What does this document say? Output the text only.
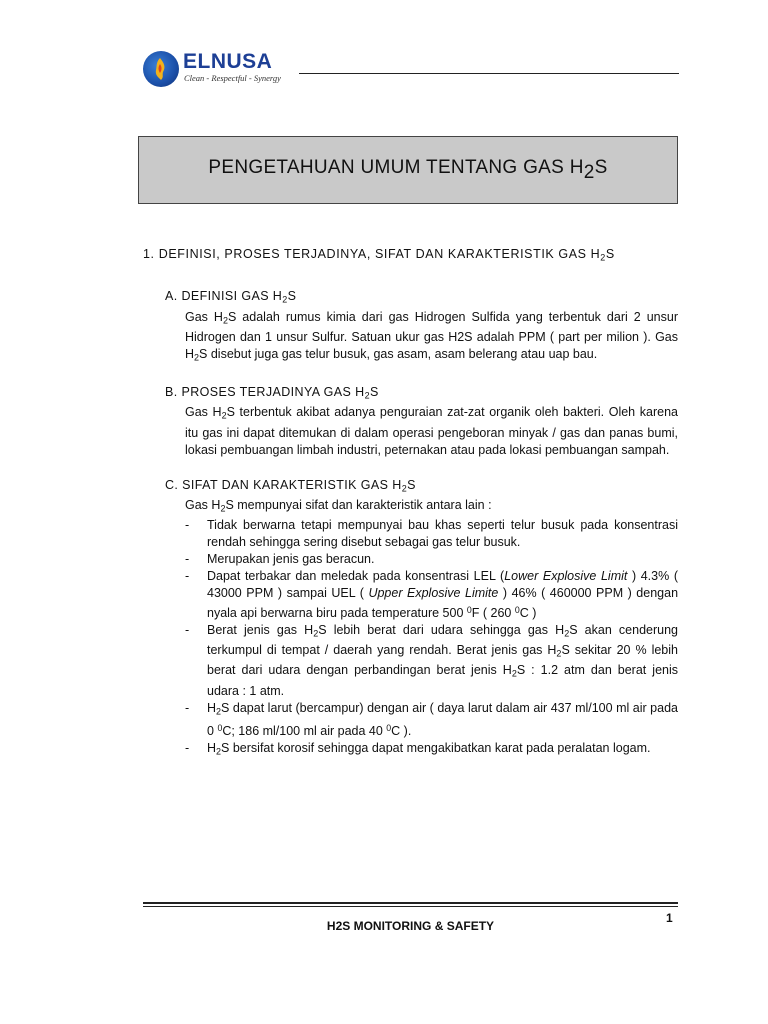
ELNUSA
Clean - Respectful - Synergy
PENGETAHUAN UMUM TENTANG GAS H2S
1. DEFINISI, PROSES TERJADINYA, SIFAT DAN KARAKTERISTIK GAS $H_2S$
A. DEFINISI GAS $H_2S$
Gas $H_2S$ adalah rumus kimia dari gas Hidrogen Sulfida yang terbentuk dari 2 unsur Hidrogen dan 1 unsur Sulfur. Satuan ukur gas H2S adalah PPM ( part per milion ). Gas $H_2S$ disebut juga gas telur busuk, gas asam, asam belerang atau uap bau.
B. PROSES TERJADINYA GAS $H_2S$
Gas $H_2S$ terbentuk akibat adanya penguraian zat-zat organik oleh bakteri. Oleh karena itu gas ini dapat ditemukan di dalam operasi pengeboran minyak / gas dan panas bumi, lokasi pembuangan limbah industri, peternakan atau pada lokasi pembuangan sampah.
C. SIFAT DAN KARAKTERISTIK GAS $H_2S$
Gas $H_2S$ mempunyai sifat dan karakteristik antara lain :
-	Tidak berwarna tetapi mempunyai bau khas seperti telur busuk pada konsentrasi rendah sehingga sering disebut sebagai gas telur busuk.
-	Merupakan jenis gas beracun.
-	Dapat terbakar dan meledak pada konsentrasi LEL (Lower Explosive Limit ) 4.3% ( 43000 PPM ) sampai UEL ( Upper Explosive Limite ) 46% ( 460000 PPM ) dengan nyala api berwarna biru pada temperature 500 $^0$F ( 260 $^0$C )
-	Berat jenis gas $H_2S$ lebih berat dari udara sehingga gas $H_2S$ akan cenderung terkumpul di tempat / daerah yang rendah. Berat jenis gas $H_2S$ sekitar 20 % lebih berat dari udara dengan perbandingan berat jenis $H_2S$ : 1.2 atm dan berat jenis udara : 1 atm.
-	$H_2S$ dapat larut (bercampur) dengan air ( daya larut dalam air 437 ml/100 ml air pada 0 $^0$C; 186 ml/100 ml air pada 40 $^0$C ).
-	$H_2S$ bersifat korosif sehingga dapat mengakibatkan karat pada peralatan logam.
H2S MONITORING & SAFETY
1
